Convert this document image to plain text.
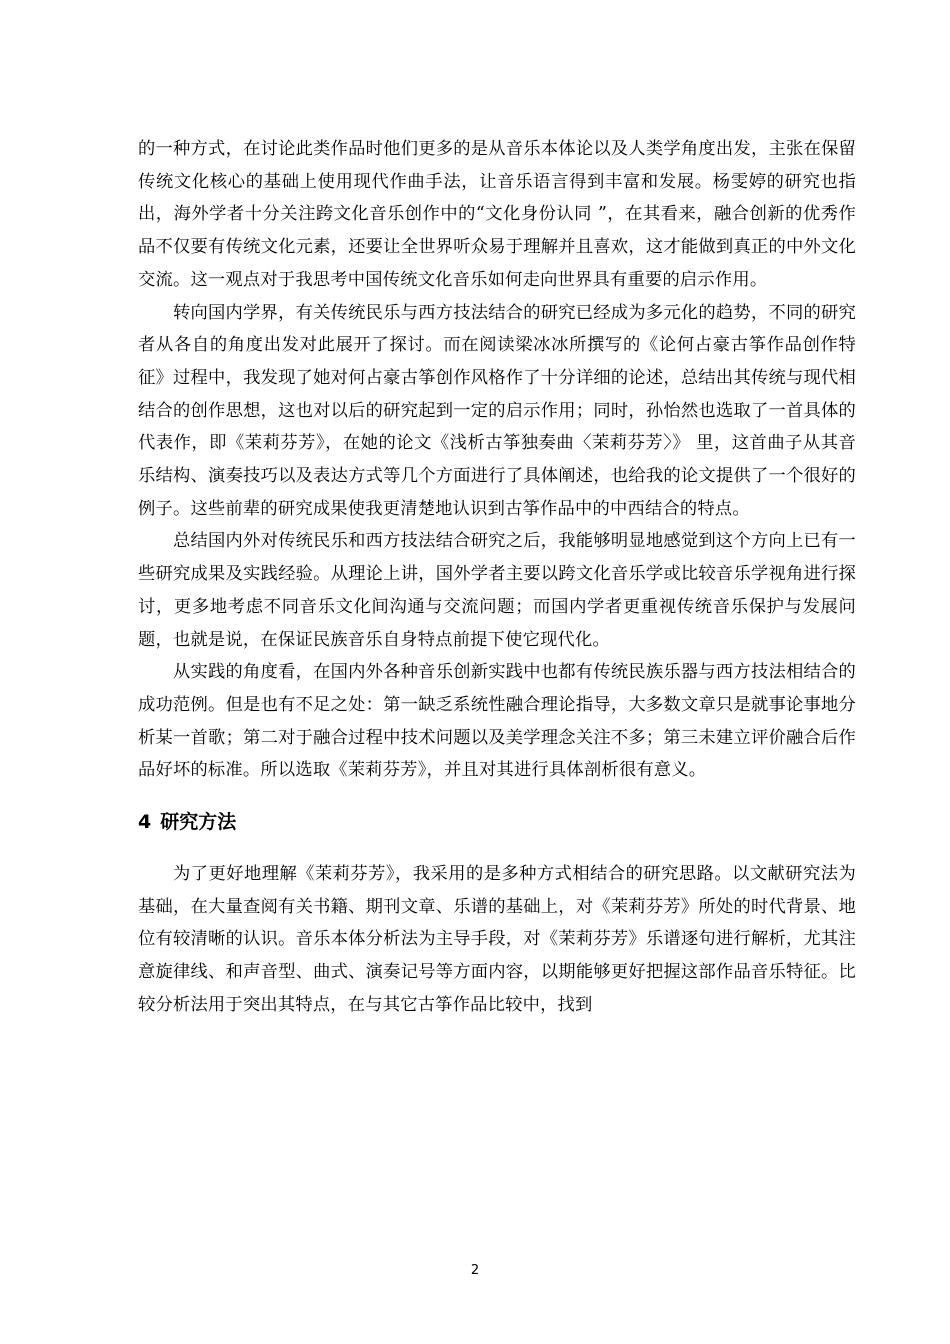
的一种方式，在讨论此类作品时他们更多的是从音乐本体论以及人类学角度出发，主张在保留传统文化核心的基础上使用现代作曲手法，让音乐语言得到丰富和发展。杨雯婷的研究也指出，海外学者十分关注跨文化音乐创作中的“文化身份认同 ”，在其看来，融合创新的优秀作品不仅要有传统文化元素，还要让全世界听众易于理解并且喜欢，这才能做到真正的中外文化交流。这一观点对于我思考中国传统文化音乐如何走向世界具有重要的启示作用。

转向国内学界，有关传统民乐与西方技法结合的研究已经成为多元化的趋势，不同的研究者从各自的角度出发对此展开了探讨。而在阅读梁冰冰所撰写的《论何占豪古筝作品创作特征》过程中，我发现了她对何占豪古筝创作风格作了十分详细的论述，总结出其传统与现代相结合的创作思想，这也对以后的研究起到一定的启示作用；同时，孙怡然也选取了一首具体的代表作，即《茉莉芬芳》，在她的论文《浅析古筝独奏曲〈茉莉芬芳〉》 里，这首曲子从其音乐结构、演奏技巧以及表达方式等几个方面进行了具体阐述，也给我的论文提供了一个很好的例子。这些前辈的研究成果使我更清楚地认识到古筝作品中的中西结合的特点。

总结国内外对传统民乐和西方技法结合研究之后，我能够明显地感觉到这个方向上已有一些研究成果及实践经验。从理论上讲，国外学者主要以跨文化音乐学或比较音乐学视角进行探讨，更多地考虑不同音乐文化间沟通与交流问题；而国内学者更重视传统音乐保护与发展问题，也就是说，在保证民族音乐自身特点前提下使它现代化。

从实践的角度看，在国内外各种音乐创新实践中也都有传统民族乐器与西方技法相结合的成功范例。但是也有不足之处：第一缺乏系统性融合理论指导，大多数文章只是就事论事地分析某一首歌；第二对于融合过程中技术问题以及美学理念关注不多；第三未建立评价融合后作品好坏的标准。所以选取《茉莉芬芳》，并且对其进行具体剖析很有意义。

4 研究方法

为了更好地理解《茉莉芬芳》，我采用的是多种方式相结合的研究思路。以文献研究法为基础，在大量查阅有关书籍、期刊文章、乐谱的基础上，对《茉莉芬芳》所处的时代背景、地位有较清晰的认识。音乐本体分析法为主导手段，对《茉莉芬芳》乐谱逐句进行解析，尤其注意旋律线、和声音型、曲式、演奏记号等方面内容，以期能够更好把握这部作品音乐特征。比较分析法用于突出其特点，在与其它古筝作品比较中，找到

2
